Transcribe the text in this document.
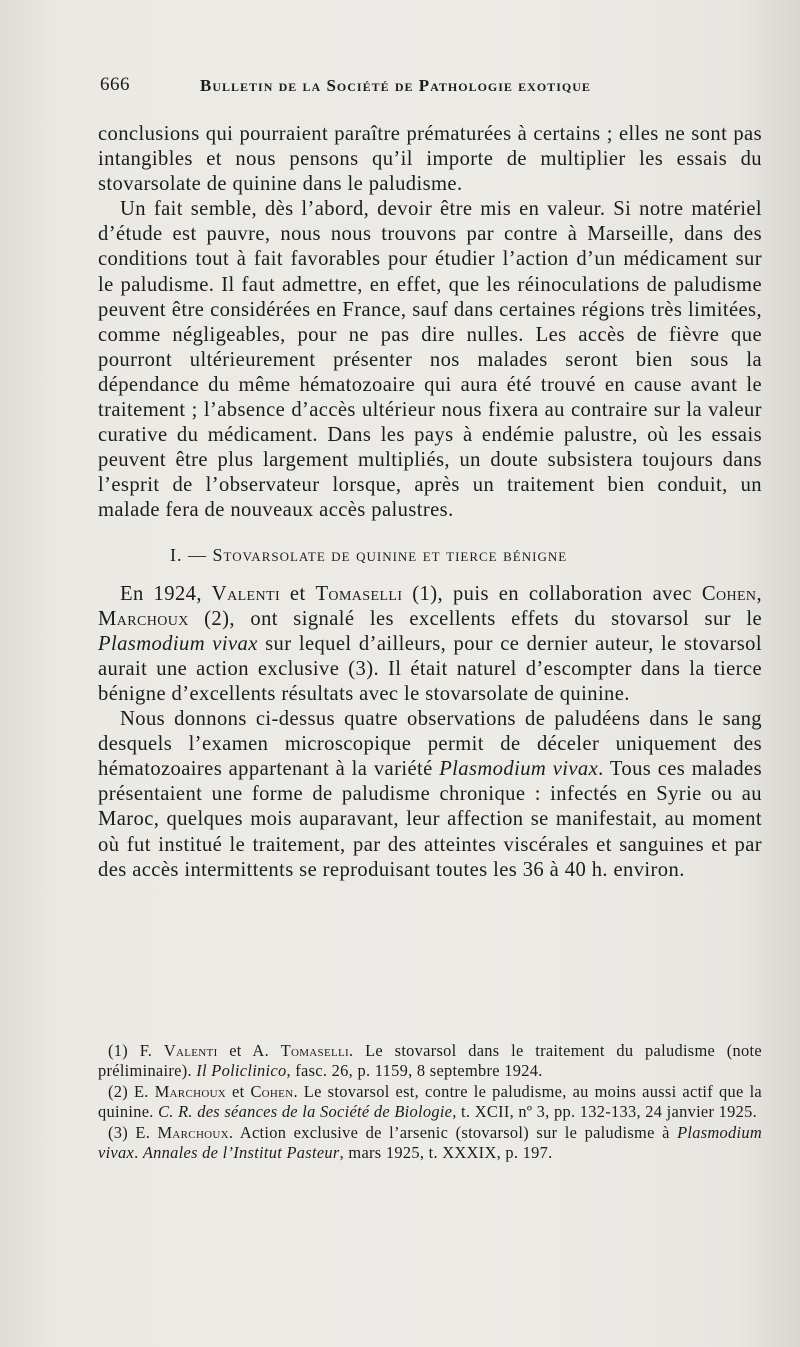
666	Bulletin de la Société de Pathologie exotique

conclusions qui pourraient paraître prématurées à certains ; elles ne sont pas intangibles et nous pensons qu’il importe de multiplier les essais du stovarsolate de quinine dans le paludisme.

Un fait semble, dès l’abord, devoir être mis en valeur. Si notre matériel d’étude est pauvre, nous nous trouvons par contre à Marseille, dans des conditions tout à fait favorables pour étudier l’action d’un médicament sur le paludisme. Il faut admettre, en effet, que les réinoculations de paludisme peuvent être considérées en France, sauf dans certaines régions très limitées, comme négligeables, pour ne pas dire nulles. Les accès de fièvre que pourront ultérieurement présenter nos malades seront bien sous la dépendance du même hématozoaire qui aura été trouvé en cause avant le traitement ; l’absence d’accès ultérieur nous fixera au contraire sur la valeur curative du médicament. Dans les pays à endémie palustre, où les essais peuvent être plus largement multipliés, un doute subsistera toujours dans l’esprit de l’observateur lorsque, après un traitement bien conduit, un malade fera de nouveaux accès palustres.

I. — Stovarsolate de quinine et tierce bénigne

En 1924, Valenti et Tomaselli (1), puis en collaboration avec Cohen, Marchoux (2), ont signalé les excellents effets du stovarsol sur le Plasmodium vivax sur lequel d’ailleurs, pour ce dernier auteur, le stovarsol aurait une action exclusive (3). Il était naturel d’escompter dans la tierce bénigne d’excellents résultats avec le stovarsolate de quinine.

Nous donnons ci-dessus quatre observations de paludéens dans le sang desquels l’examen microscopique permit de déceler uniquement des hématozoaires appartenant à la variété Plasmodium vivax. Tous ces malades présentaient une forme de paludisme chronique : infectés en Syrie ou au Maroc, quelques mois auparavant, leur affection se manifestait, au moment où fut institué le traitement, par des atteintes viscérales et sanguines et par des accès intermittents se reproduisant toutes les 36 à 40 h. environ.

(1) F. Valenti et A. Tomaselli. Le stovarsol dans le traitement du paludisme (note préliminaire). Il Policlinico, fasc. 26, p. 1159, 8 septembre 1924.

(2) E. Marchoux et Cohen. Le stovarsol est, contre le paludisme, au moins aussi actif que la quinine. C. R. des séances de la Société de Biologie, t. XCII, nº 3, pp. 132-133, 24 janvier 1925.

(3) E. Marchoux. Action exclusive de l’arsenic (stovarsol) sur le paludisme à Plasmodium vivax. Annales de l’Institut Pasteur, mars 1925, t. XXXIX, p. 197.
